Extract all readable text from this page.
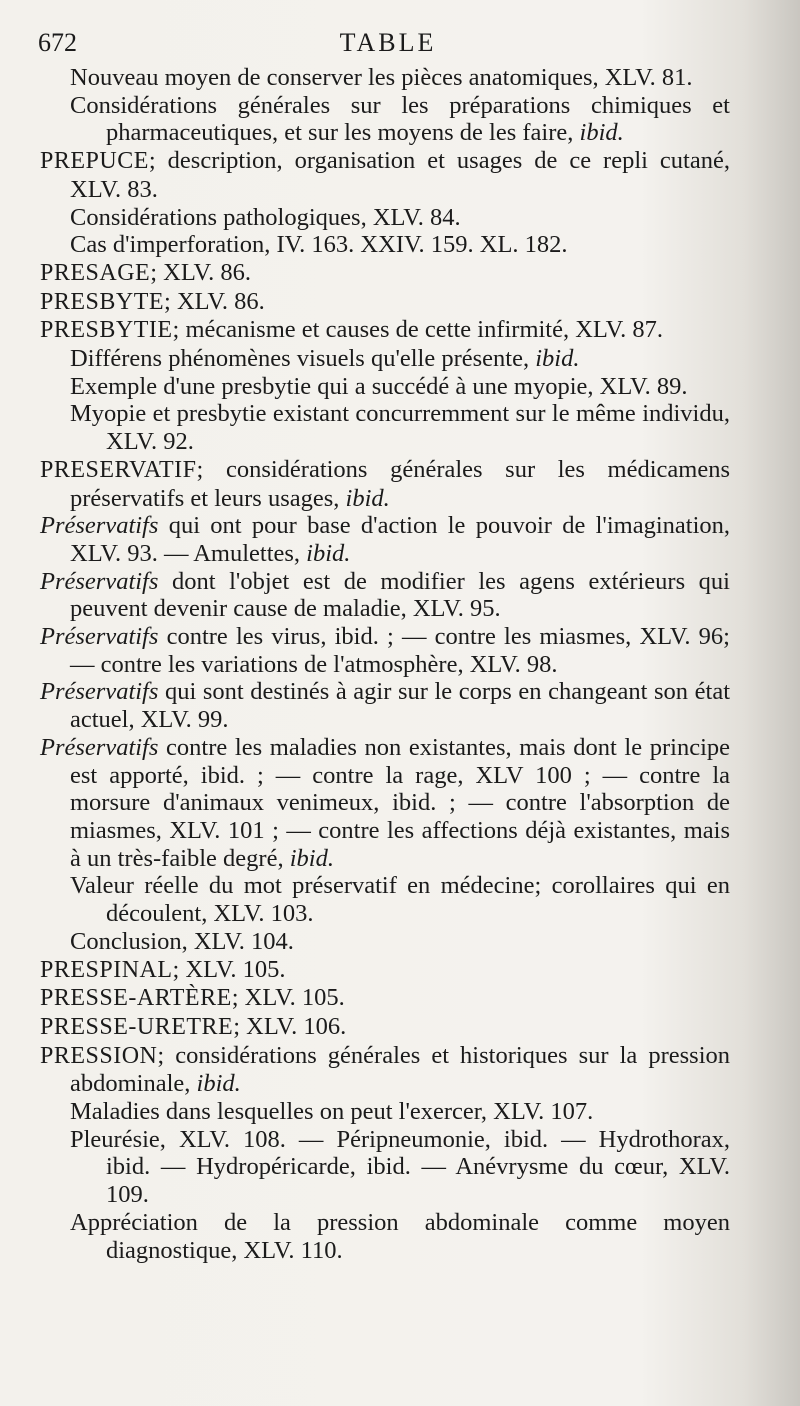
672	TABLE
Nouveau moyen de conserver les pièces anatomiques, XLV. 81.
Considérations générales sur les préparations chimiques et pharmaceutiques, et sur les moyens de les faire, ibid.
PREPUCE; description, organisation et usages de ce repli cutané, XLV. 83.
Considérations pathologiques, XLV. 84.
Cas d'imperforation, IV. 163. XXIV. 159. XL. 182.
PRESAGE; XLV. 86.
PRESBYTE; XLV. 86.
PRESBYTIE; mécanisme et causes de cette infirmité, XLV. 87.
Différens phénomènes visuels qu'elle présente, ibid.
Exemple d'une presbytie qui a succédé à une myopie, XLV. 89.
Myopie et presbytie existant concurremment sur le même individu, XLV. 92.
PRESERVATIF; considérations générales sur les médicamens préservatifs et leurs usages, ibid.
Préservatifs qui ont pour base d'action le pouvoir de l'imagination, XLV. 93. — Amulettes, ibid.
Préservatifs dont l'objet est de modifier les agens extérieurs qui peuvent devenir cause de maladie, XLV. 95.
Préservatifs contre les virus, ibid. ; — contre les miasmes, XLV. 96; — contre les variations de l'atmosphère, XLV. 98.
Préservatifs qui sont destinés à agir sur le corps en changeant son état actuel, XLV. 99.
Préservatifs contre les maladies non existantes, mais dont le principe est apporté, ibid. ; — contre la rage, XLV 100 ; — contre la morsure d'animaux venimeux, ibid. ; — contre l'absorption de miasmes, XLV. 101 ; — contre les affections déjà existantes, mais à un très-faible degré, ibid.
Valeur réelle du mot préservatif en médecine; corollaires qui en découlent, XLV. 103.
Conclusion, XLV. 104.
PRESPINAL; XLV. 105.
PRESSE-ARTÈRE; XLV. 105.
PRESSE-URETRE; XLV. 106.
PRESSION; considérations générales et historiques sur la pression abdominale, ibid.
Maladies dans lesquelles on peut l'exercer, XLV. 107.
Pleurésie, XLV. 108. — Péripneumonie, ibid. — Hydrothorax, ibid. — Hydropéricarde, ibid. — Anévrysme du cœur, XLV. 109.
Appréciation de la pression abdominale comme moyen diagnostique, XLV. 110.
